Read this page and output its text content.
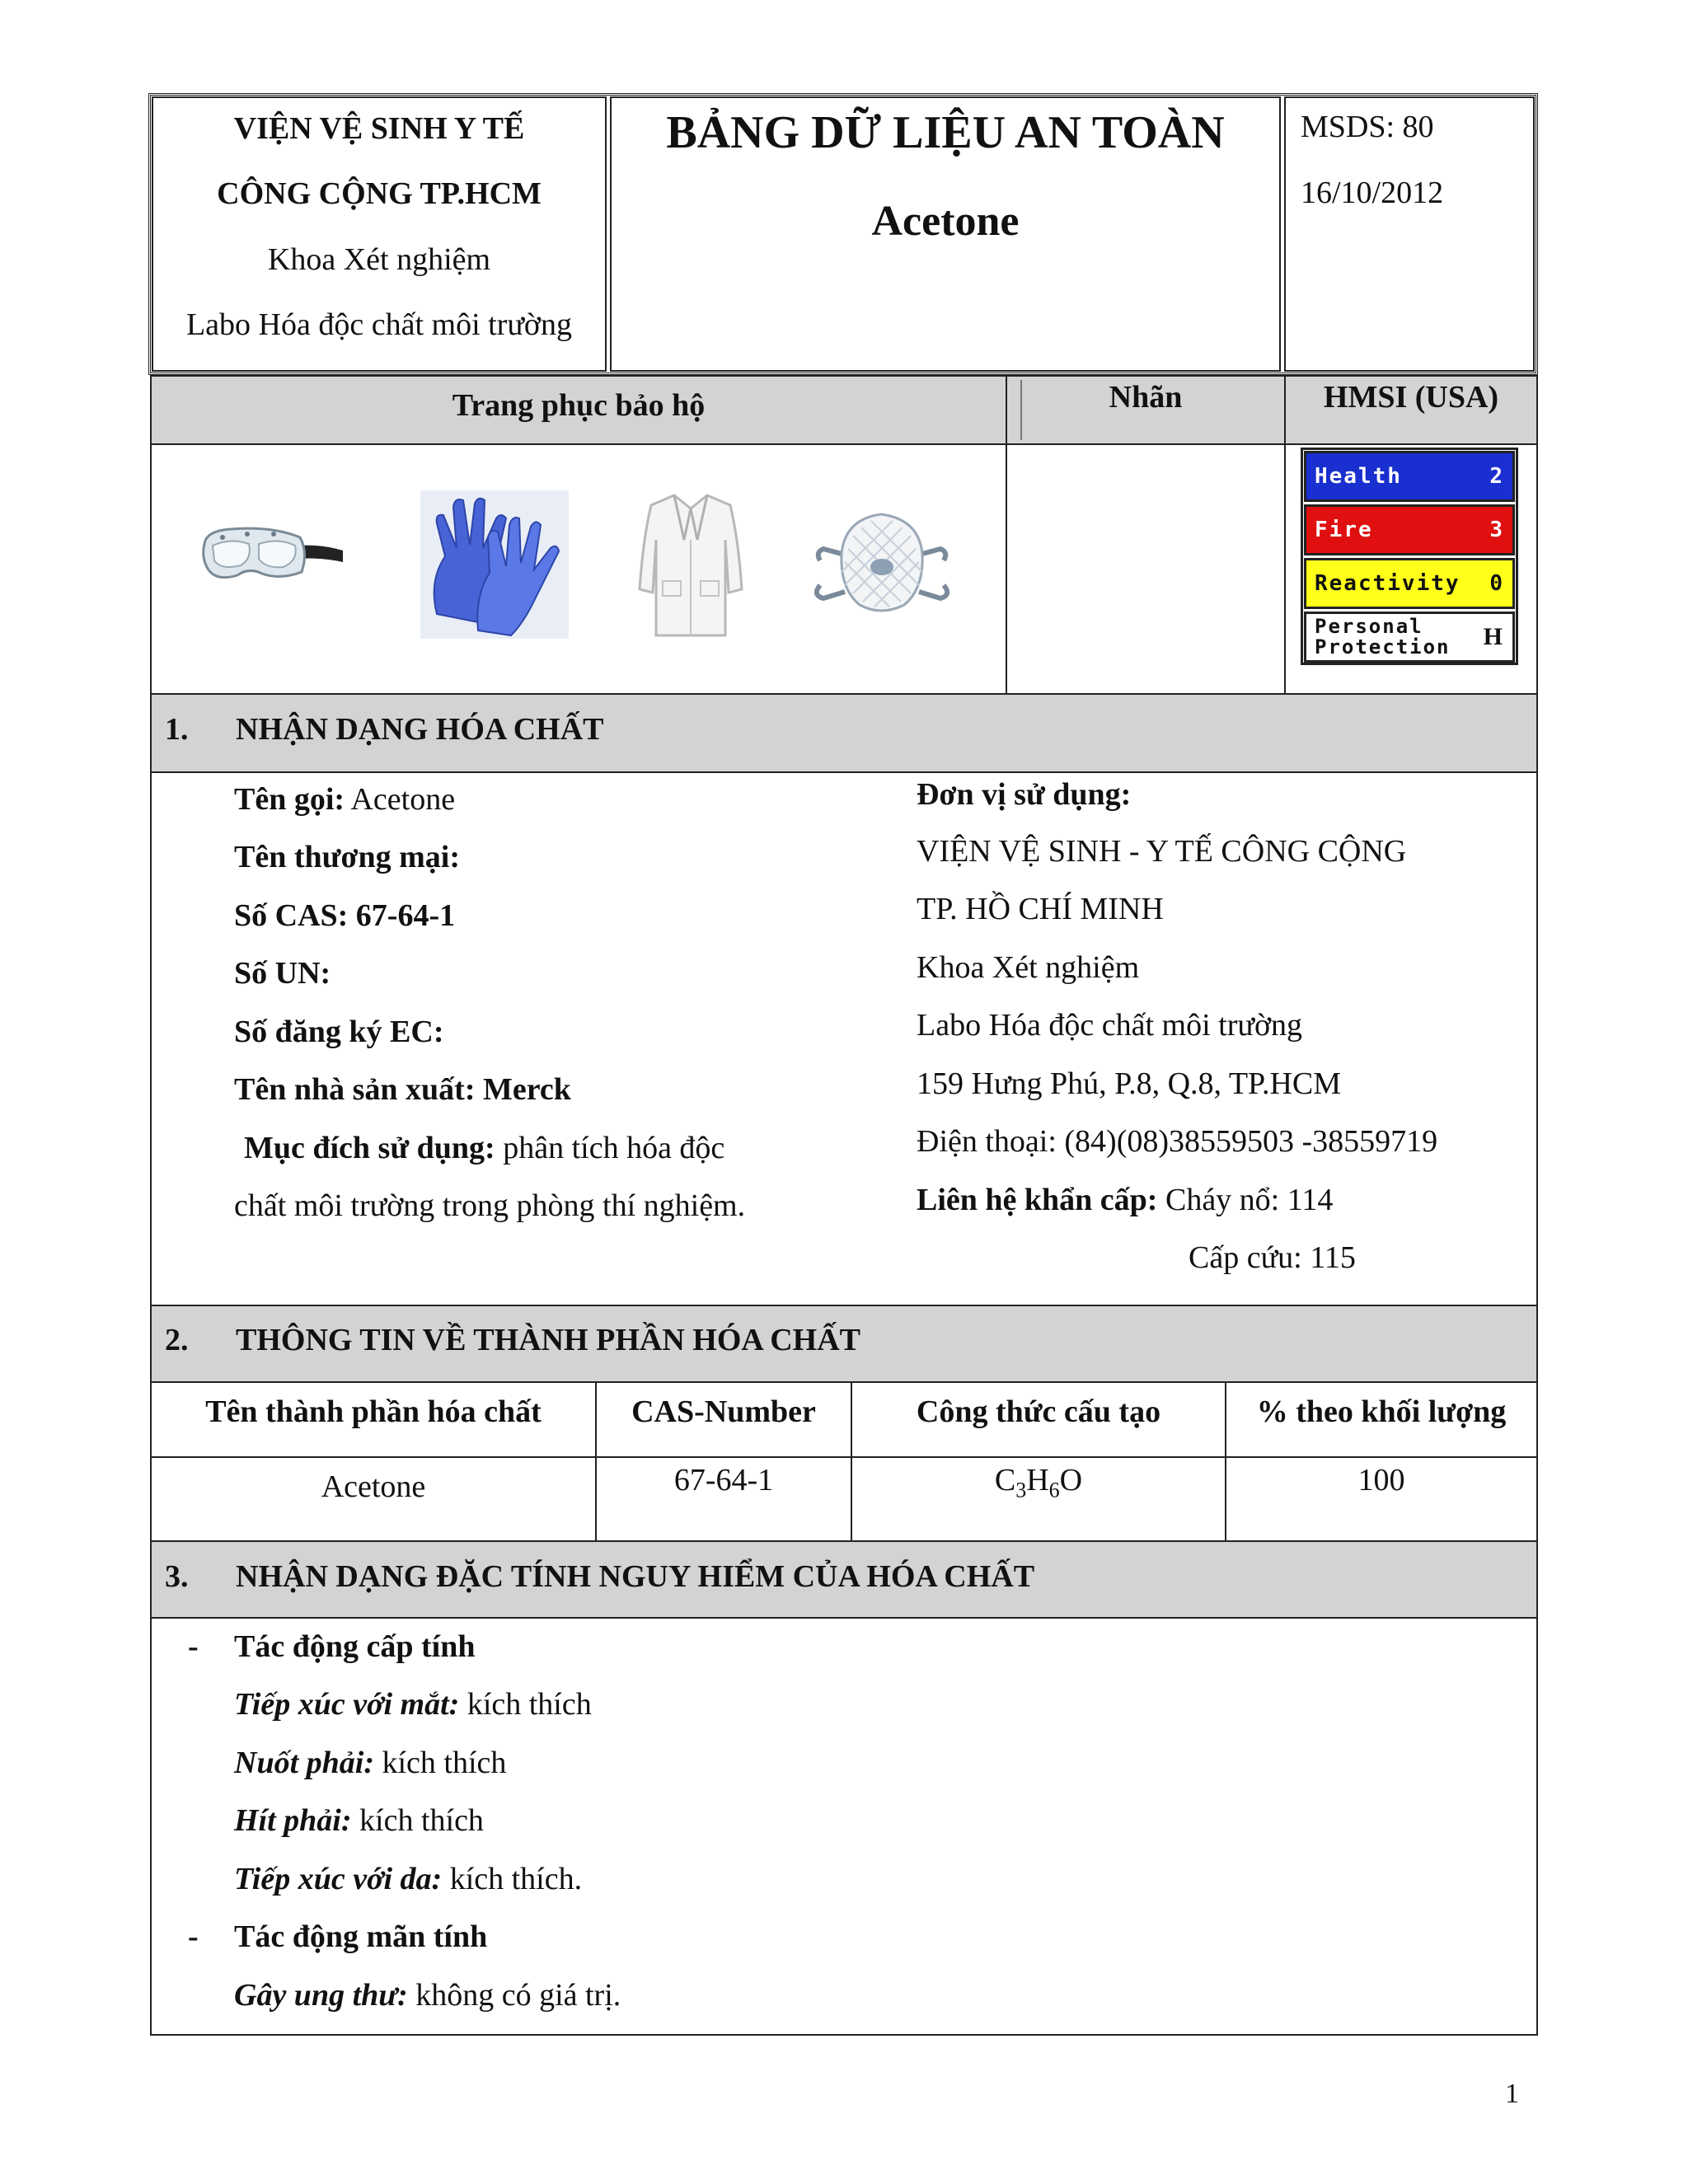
VIỆN VỆ SINH Y TẾ
CÔNG CỘNG TP.HCM
Khoa Xét nghiệm
Labo Hóa độc chất môi trường
BẢNG DỮ LIỆU AN TOÀN
Acetone
MSDS: 80
16/10/2012
Trang phục bảo hộ	Nhãn	HMSI (USA)
Health	2
Fire	3
Reactivity 0
Personal
Protection H
1. NHẬN DẠNG HÓA CHẤT
Tên gọi: Acetone
Tên thương mại:
Số CAS: 67-64-1
Số UN:
Số đăng ký EC:
Tên nhà sản xuất: Merck
Mục đích sử dụng: phân tích hóa độc
chất môi trường trong phòng thí nghiệm.
Đơn vị sử dụng:
VIỆN VỆ SINH - Y TẾ CÔNG CỘNG
TP. HỒ CHÍ MINH
Khoa Xét nghiệm
Labo Hóa độc chất môi trường
159 Hưng Phú, P.8, Q.8, TP.HCM
Điện thoại: (84)(08)38559503 -38559719
Liên hệ khẩn cấp: Cháy nổ: 114
Cấp cứu: 115
2. THÔNG TIN VỀ THÀNH PHẦN HÓA CHẤT
Tên thành phần hóa chất	CAS-Number	Công thức cấu tạo	% theo khối lượng
Acetone	67-64-1	$C_3H_6O$	100
3. NHẬN DẠNG ĐẶC TÍNH NGUY HIỂM CỦA HÓA CHẤT
- Tác động cấp tính
Tiếp xúc với mắt: kích thích
Nuốt phải: kích thích
Hít phải: kích thích
Tiếp xúc với da: kích thích.
- Tác động mãn tính
Gây ung thư: không có giá trị.
1
